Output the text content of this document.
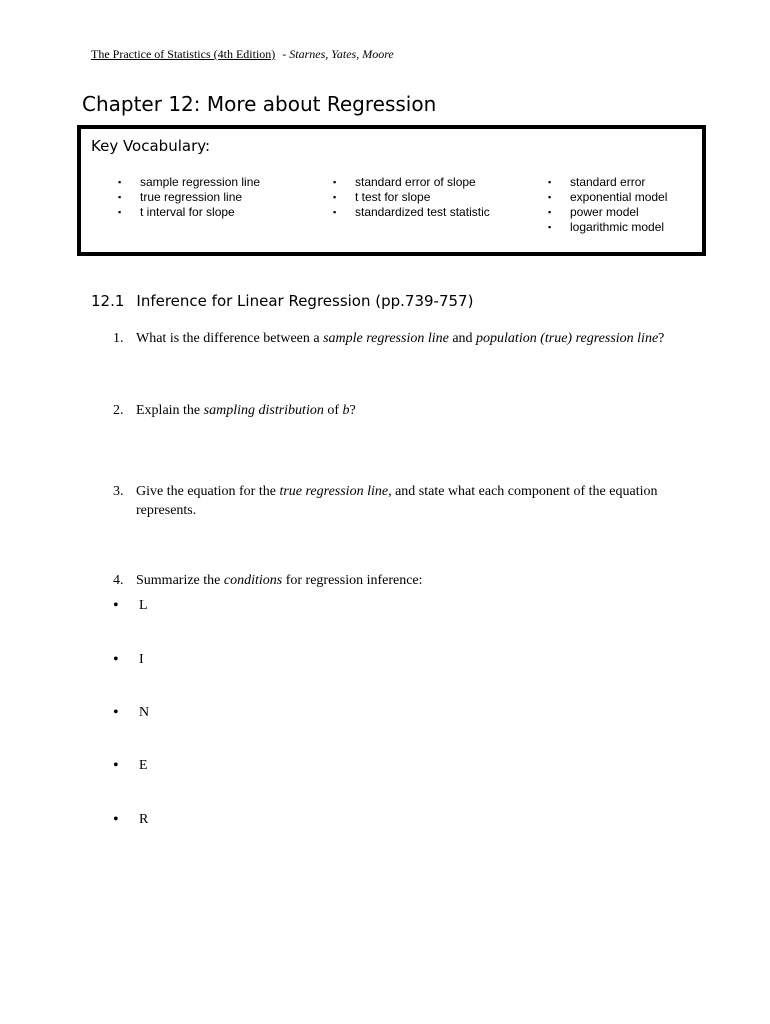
The Practice of Statistics (4th Edition) - Starnes, Yates, Moore
Chapter 12: More about Regression
Key Vocabulary:
▪ sample regression line
▪ true regression line
▪ t interval for slope
▪ standard error of slope
▪ t test for slope
▪ standardized test statistic
▪ standard error
▪ exponential model
▪ power model
▪ logarithmic model
12.1 Inference for Linear Regression (pp.739-757)
1. What is the difference between a sample regression line and population (true) regression line?
2. Explain the sampling distribution of b?
3. Give the equation for the true regression line, and state what each component of the equation represents.
4. Summarize the conditions for regression inference:
• L
• I
• N
• E
• R
